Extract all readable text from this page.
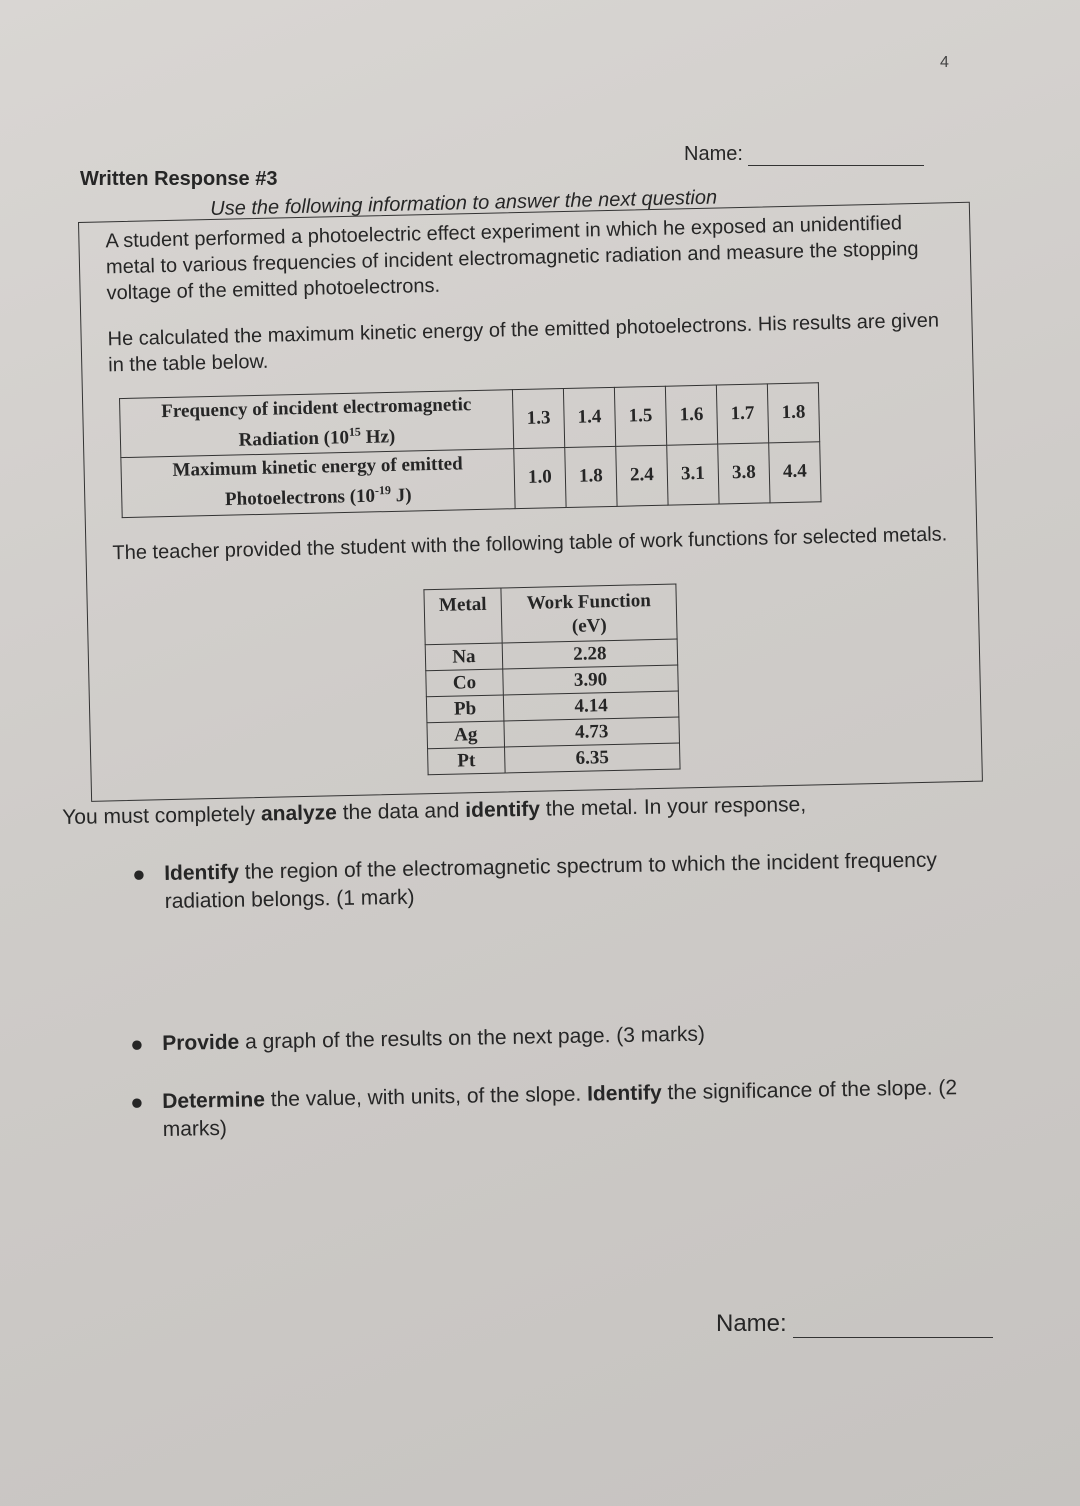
4
Name:
Written Response #3
Use the following information to answer the next question

A student performed a photoelectric effect experiment in which he exposed an unidentified metal to various frequencies of incident electromagnetic radiation and measure the stopping voltage of the emitted photoelectrons.

He calculated the maximum kinetic energy of the emitted photoelectrons. His results are given in the table below.

Frequency of incident electromagnetic
Radiation ($10^{15}$ Hz)	1.3	1.4	1.5	1.6	1.7	1.8
Maximum kinetic energy of emitted
Photoelectrons ($10^{-19}$ J)	1.0	1.8	2.4	3.1	3.8	4.4

The teacher provided the student with the following table of work functions for selected metals.

Metal	Work Function
(eV)
Na	2.28
Co	3.90
Pb	4.14
Ag	4.73
Pt	6.35
You must completely analyze the data and identify the metal. In your response,
● Identify the region of the electromagnetic spectrum to which the incident frequency radiation belongs. (1 mark)
● Provide a graph of the results on the next page. (3 marks)
● Determine the value, with units, of the slope. Identify the significance of the slope. (2 marks)
Name:
